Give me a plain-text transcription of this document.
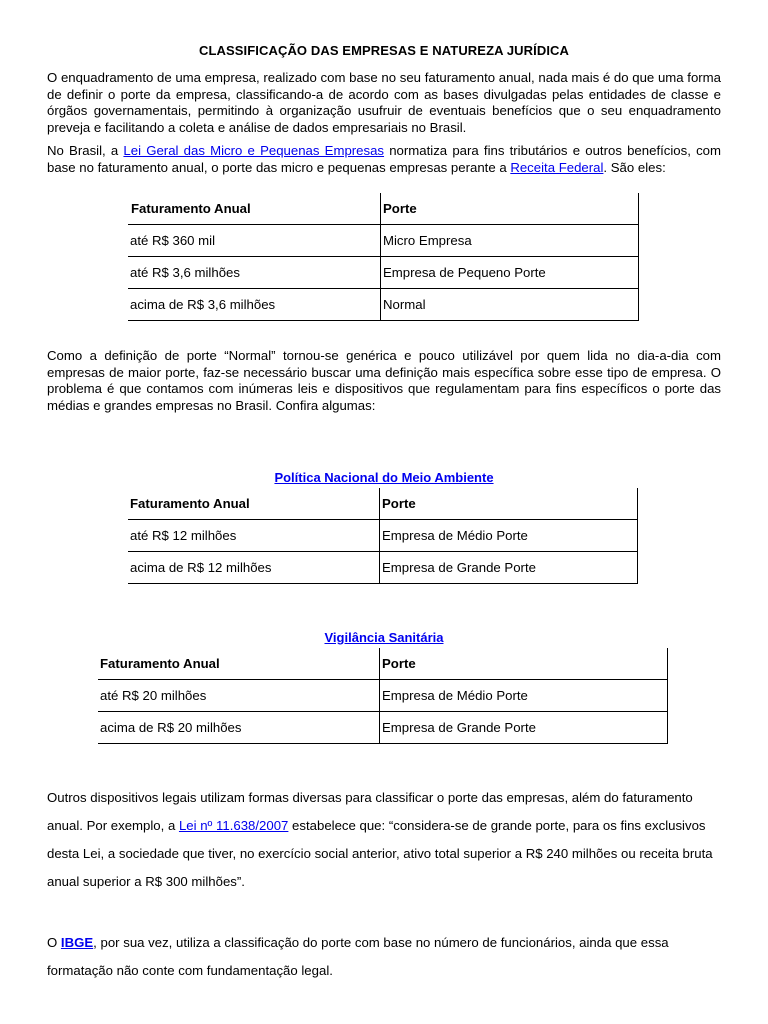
CLASSIFICAÇÃO DAS EMPRESAS E NATUREZA JURÍDICA

O enquadramento de uma empresa, realizado com base no seu faturamento anual, nada mais é do que uma forma de definir o porte da empresa, classificando-a de acordo com as bases divulgadas pelas entidades de classe e órgãos governamentais, permitindo à organização usufruir de eventuais benefícios que o seu enquadramento preveja e facilitando a coleta e análise de dados empresariais no Brasil.

No Brasil, a Lei Geral das Micro e Pequenas Empresas normatiza para fins tributários e outros benefícios, com base no faturamento anual, o porte das micro e pequenas empresas perante a Receita Federal. São eles:

Faturamento Anual	Porte
até R$ 360 mil	Micro Empresa
até R$ 3,6 milhões	Empresa de Pequeno Porte
acima de R$ 3,6 milhões	Normal

Como a definição de porte “Normal” tornou-se genérica e pouco utilizável por quem lida no dia-a-dia com empresas de maior porte, faz-se necessário buscar uma definição mais específica sobre esse tipo de empresa. O problema é que contamos com inúmeras leis e dispositivos que regulamentam para fins específicos o porte das médias e grandes empresas no Brasil. Confira algumas:

Política Nacional do Meio Ambiente
Faturamento Anual	Porte
até R$ 12 milhões	Empresa de Médio Porte
acima de R$ 12 milhões	Empresa de Grande Porte
Vigilância Sanitária
Faturamento Anual	Porte
até R$ 20 milhões	Empresa de Médio Porte
acima de R$ 20 milhões	Empresa de Grande Porte

Outros dispositivos legais utilizam formas diversas para classificar o porte das empresas, além do faturamento anual. Por exemplo, a Lei nº 11.638/2007 estabelece que: “considera-se de grande porte, para os fins exclusivos desta Lei, a sociedade que tiver, no exercício social anterior, ativo total superior a R$ 240 milhões ou receita bruta anual superior a R$ 300 milhões”.

O IBGE, por sua vez, utiliza a classificação do porte com base no número de funcionários, ainda que essa formatação não conte com fundamentação legal.
